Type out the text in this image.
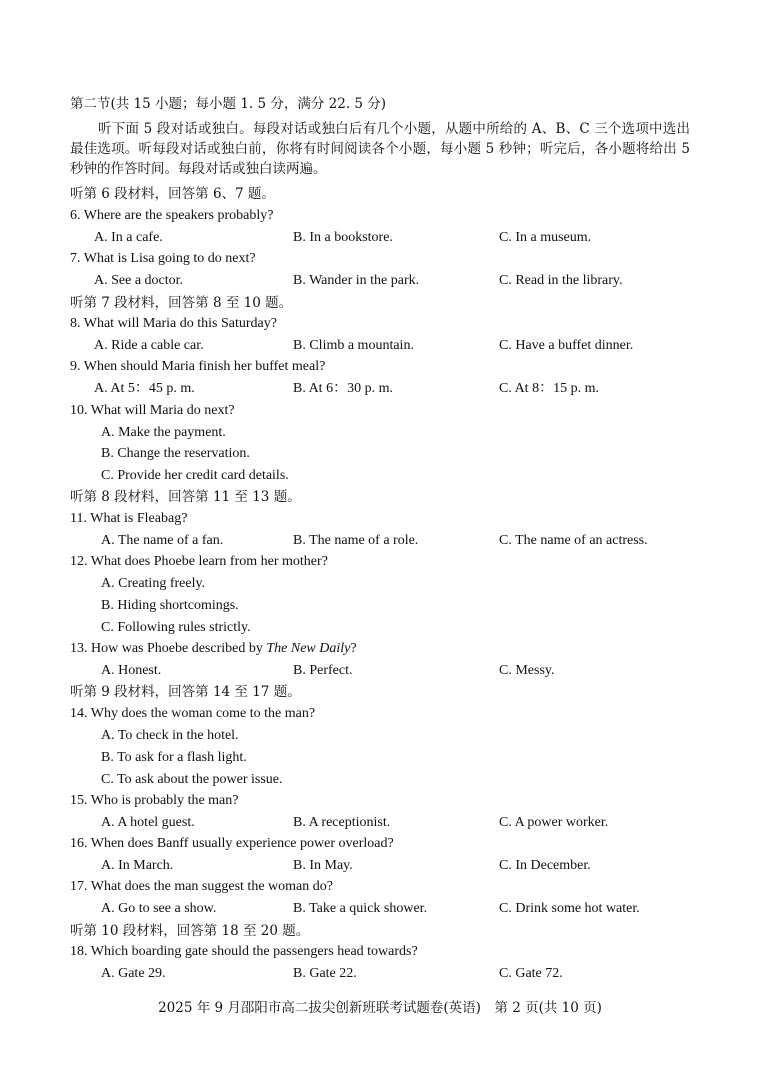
第二节(共 15 小题；每小题 1. 5 分，满分 22. 5 分)
听下面 5 段对话或独白。每段对话或独白后有几个小题，从题中所给的 A、B、C 三个选项中选出最佳选项。听每段对话或独白前，你将有时间阅读各个小题，每小题 5 秒钟；听完后，各小题将给出 5 秒钟的作答时间。每段对话或独白读两遍。
听第 6 段材料，回答第 6、7 题。
6. Where are the speakers probably?
A. In a cafe.	B. In a bookstore.	C. In a museum.
7. What is Lisa going to do next?
A. See a doctor.	B. Wander in the park.	C. Read in the library.
听第 7 段材料，回答第 8 至 10 题。
8. What will Maria do this Saturday?
A. Ride a cable car.	B. Climb a mountain.	C. Have a buffet dinner.
9. When should Maria finish her buffet meal?
A. At 5：45 p. m.	B. At 6：30 p. m.	C. At 8：15 p. m.
10. What will Maria do next?
A. Make the payment.
B. Change the reservation.
C. Provide her credit card details.
听第 8 段材料，回答第 11 至 13 题。
11. What is Fleabag?
A. The name of a fan.	B. The name of a role.	C. The name of an actress.
12. What does Phoebe learn from her mother?
A. Creating freely.
B. Hiding shortcomings.
C. Following rules strictly.
13. How was Phoebe described by The New Daily?
A. Honest.	B. Perfect.	C. Messy.
听第 9 段材料，回答第 14 至 17 题。
14. Why does the woman come to the man?
A. To check in the hotel.
B. To ask for a flash light.
C. To ask about the power issue.
15. Who is probably the man?
A. A hotel guest.	B. A receptionist.	C. A power worker.
16. When does Banff usually experience power overload?
A. In March.	B. In May.	C. In December.
17. What does the man suggest the woman do?
A. Go to see a show.	B. Take a quick shower.	C. Drink some hot water.
听第 10 段材料，回答第 18 至 20 题。
18. Which boarding gate should the passengers head towards?
A. Gate 29.	B. Gate 22.	C. Gate 72.
2025 年 9 月邵阳市高二拔尖创新班联考试题卷(英语)　第 2 页(共 10 页)
